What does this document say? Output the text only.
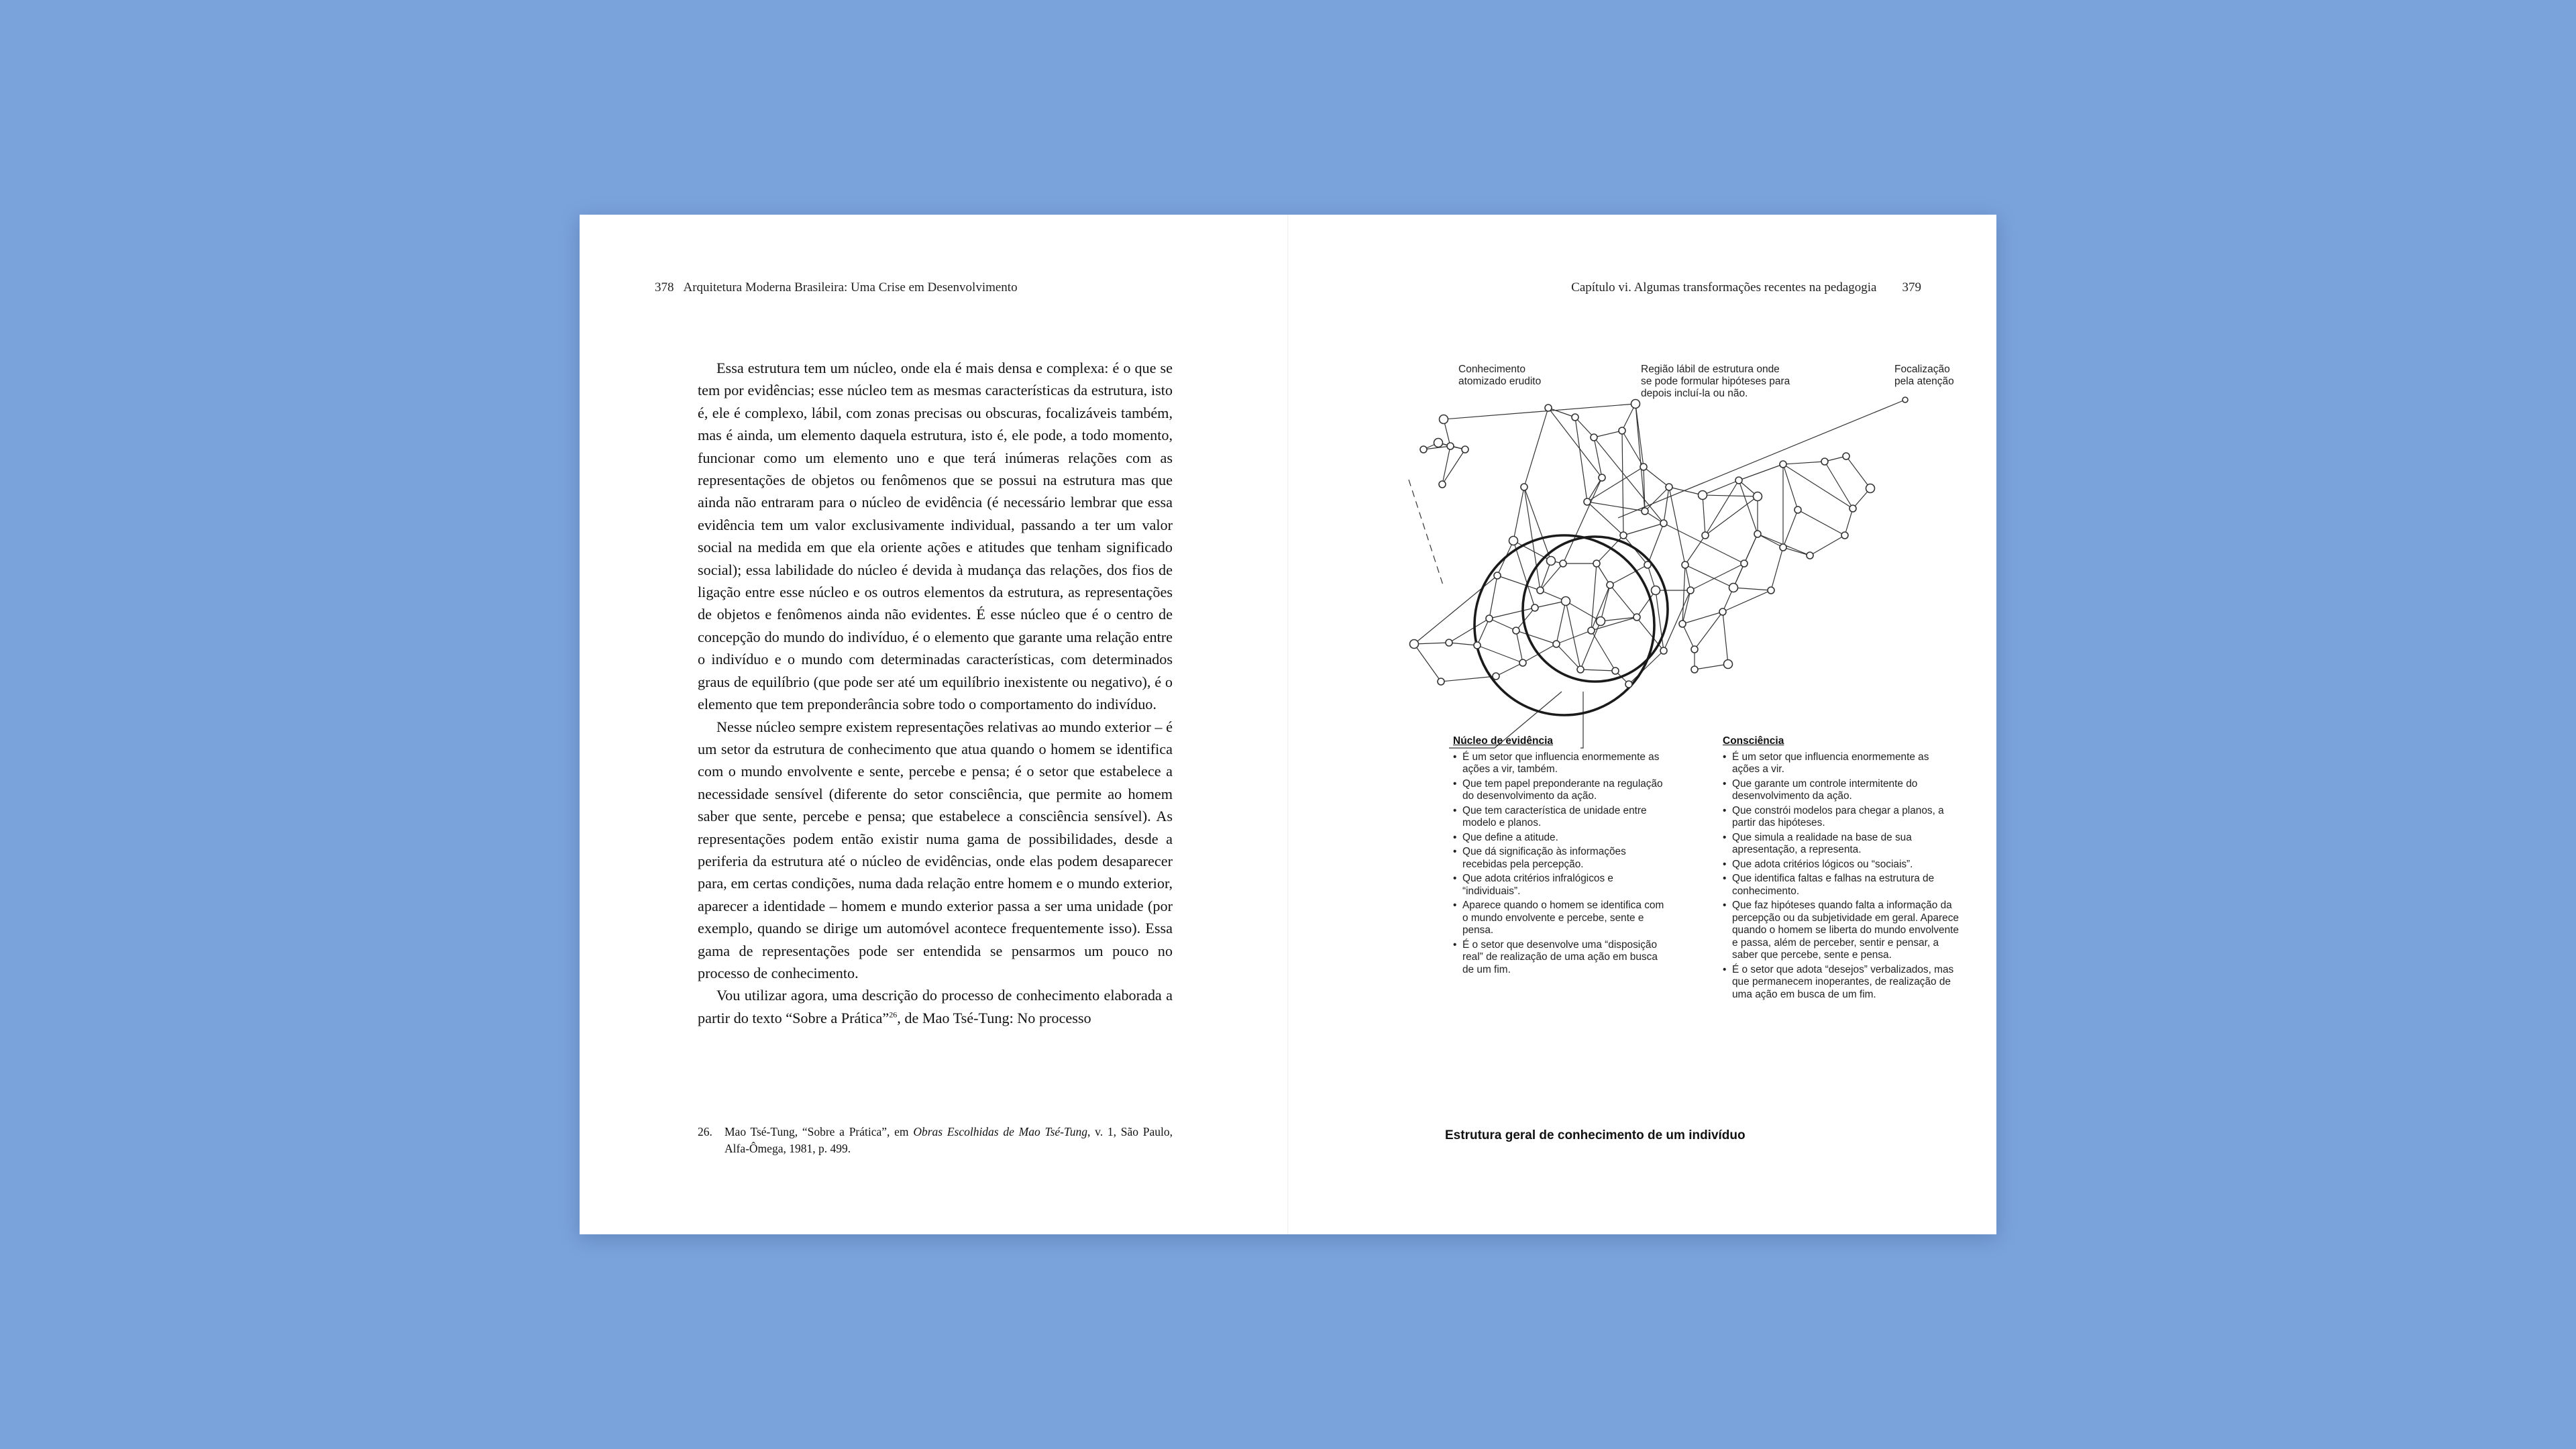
378 Arquitetura Moderna Brasileira: Uma Crise em Desenvolvimento

Essa estrutura tem um núcleo, onde ela é mais densa e complexa: é o que se tem por evidências; esse núcleo tem as mesmas características da estrutura, isto é, ele é complexo, lábil, com zonas precisas ou obscuras, focalizáveis também, mas é ainda, um elemento daquela estrutura, isto é, ele pode, a todo momento, funcionar como um elemento uno e que terá inúmeras relações com as representações de objetos ou fenômenos que se possui na estrutura mas que ainda não entraram para o núcleo de evidência (é necessário lembrar que essa evidência tem um valor exclusivamente individual, passando a ter um valor social na medida em que ela oriente ações e atitudes que tenham significado social); essa labilidade do núcleo é devida à mudança das relações, dos fios de ligação entre esse núcleo e os outros elementos da estrutura, as representações de objetos e fenômenos ainda não evidentes. É esse núcleo que é o centro de concepção do mundo do indivíduo, é o elemento que garante uma relação entre o indivíduo e o mundo com determinadas características, com determinados graus de equilíbrio (que pode ser até um equilíbrio inexistente ou negativo), é o elemento que tem preponderância sobre todo o comportamento do indivíduo.

Nesse núcleo sempre existem representações relativas ao mundo exterior – é um setor da estrutura de conhecimento que atua quando o homem se identifica com o mundo envolvente e sente, percebe e pensa; é o setor que estabelece a necessidade sensível (diferente do setor consciência, que permite ao homem saber que sente, percebe e pensa; que estabelece a consciência sensível). As representações podem então existir numa gama de possibilidades, desde a periferia da estrutura até o núcleo de evidências, onde elas podem desaparecer para, em certas condições, numa dada relação entre homem e o mundo exterior, aparecer a identidade – homem e mundo exterior passa a ser uma unidade (por exemplo, quando se dirige um automóvel acontece frequentemente isso). Essa gama de representações pode ser entendida se pensarmos um pouco no processo de conhecimento.

Vou utilizar agora, uma descrição do processo de conhecimento elaborada a partir do texto “Sobre a Prática”$^{26}$, de Mao Tsé-Tung: No processo

26. Mao Tsé-Tung, “Sobre a Prática”, em Obras Escolhidas de Mao Tsé-Tung, v. 1, São Paulo, Alfa-Ômega, 1981, p. 499.
Capítulo vi. Algumas transformações recentes na pedagogia 379
Conhecimento
atomizado erudito
Região lábil de estrutura onde
se pode formular hipóteses para
depois incluí-la ou não.
Focalização
pela atenção
Núcleo de evidência
• É um setor que influencia enormemente as ações a vir, também.
• Que tem papel preponderante na regulação do desenvolvimento da ação.
• Que tem característica de unidade entre modelo e planos.
• Que define a atitude.
• Que dá significação às informações recebidas pela percepção.
• Que adota critérios infralógicos e “individuais”.
• Aparece quando o homem se identifica com o mundo envolvente e percebe, sente e pensa.
• É o setor que desenvolve uma “disposição real” de realização de uma ação em busca de um fim.
Consciência
• É um setor que influencia enormemente as ações a vir.
• Que garante um controle intermitente do desenvolvimento da ação.
• Que constrói modelos para chegar a planos, a partir das hipóteses.
• Que simula a realidade na base de sua apresentação, a representa.
• Que adota critérios lógicos ou “sociais”.
• Que identifica faltas e falhas na estrutura de conhecimento.
• Que faz hipóteses quando falta a informação da percepção ou da subjetividade em geral. Aparece quando o homem se liberta do mundo envolvente e passa, além de perceber, sentir e pensar, a saber que percebe, sente e pensa.
• É o setor que adota “desejos” verbalizados, mas que permanecem inoperantes, de realização de uma ação em busca de um fim.
Estrutura geral de conhecimento de um indivíduo
